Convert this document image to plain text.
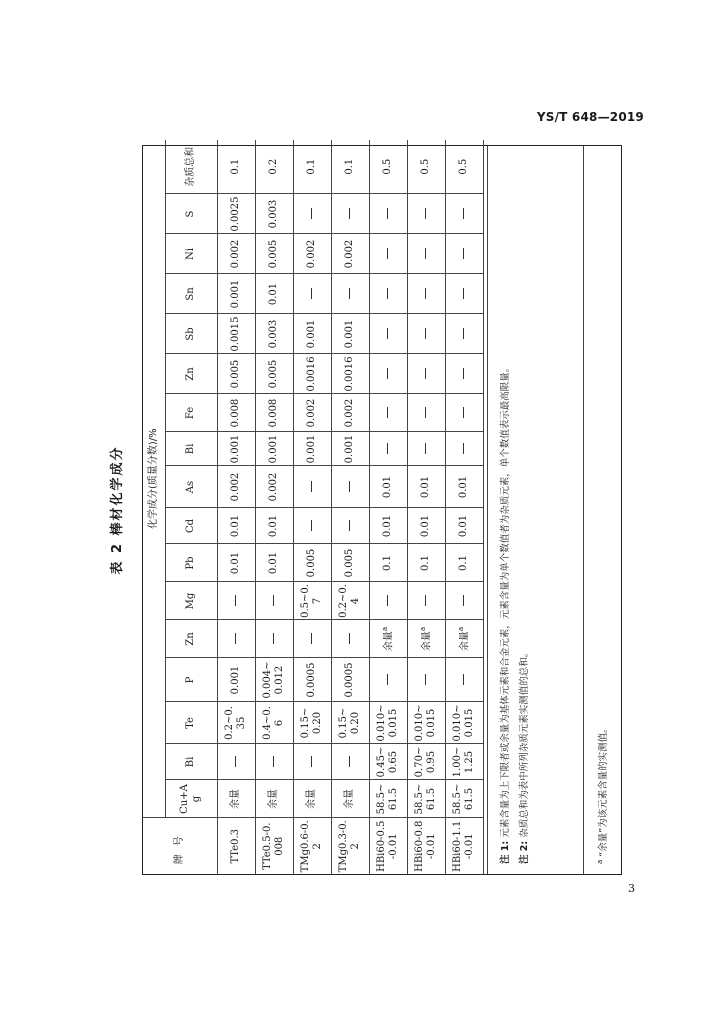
YS/T 648—2019
表 2 棒材化学成分
牌号	化学成分(质量分数)/%																
	Cu+Ag	Bi	Te	P	Zn	Mg	Pb	Cd	As	Bi	Fe	Zn	Sb	Sn	Ni	S	杂质总和
TTe0.3	余量		0.2~0.35	0.001			0.01	0.01	0.002	0.001	0.008	0.005	0.0015	0.001	0.002	0.0025	0.1
TTe0.5-0.008	余量		0.4~0.6	0.004~0.012			0.01	0.01	0.002	0.001	0.008	0.005	0.003	0.01	0.005	0.003	0.2
TMg0.6-0.2	余量		0.15~0.20	0.0005		0.5~0.7	0.005			0.001	0.002	0.0016	0.001		0.002		0.1
TMg0.3-0.2	余量		0.15~0.20	0.0005		0.2~0.4	0.005			0.001	0.002	0.0016	0.001		0.002		0.1
HBi60-0.5-0.01	58.5~61.5	0.45~0.65	0.010~0.015		余量$^a$		0.1	0.01	0.01								0.5
HBi60-0.8-0.01	58.5~61.5	0.70~0.95	0.010~0.015		余量$^a$		0.1	0.01	0.01								0.5
HBi60-1.1-0.01	58.5~61.5	1.00~1.25	0.010~0.015		余量$^a$		0.1	0.01	0.01								0.5
注 1: 元素含量为上下限者或余量为基体元素和合金元素，元素含量为单个数值者为杂质元素，单个数值表示最高限量。
注 2: 杂质总和为表中所列杂质元素实测值的总和。
$^a$ “余量”为该元素含量的实测值。
3
